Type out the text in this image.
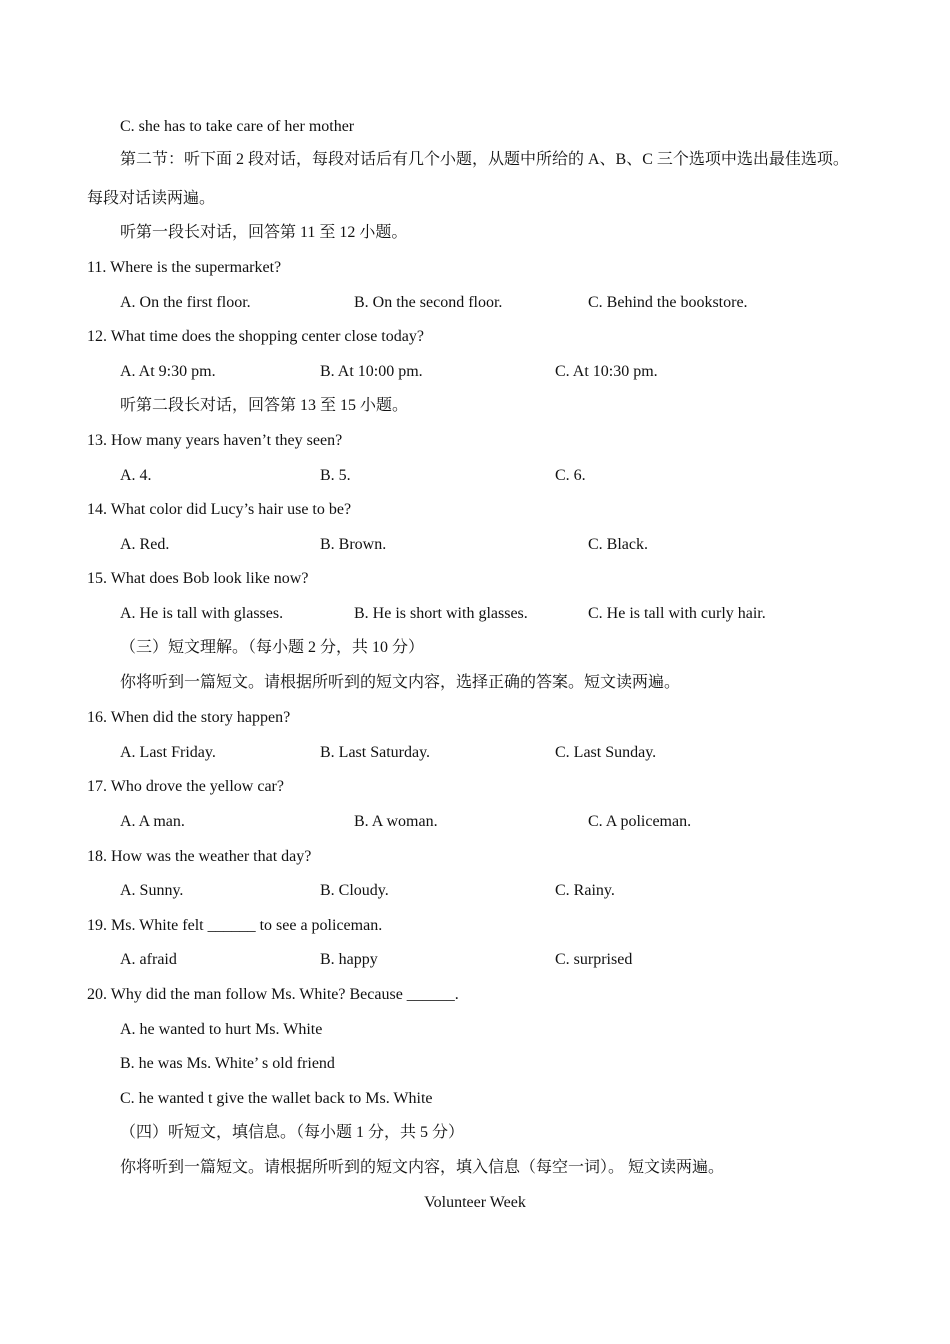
C. she has to take care of her mother
第二节：听下面 2 段对话，每段对话后有几个小题，从题中所给的 A、B、C 三个选项中选出最佳选项。
每段对话读两遍。
听第一段长对话，回答第 11 至 12 小题。
11. Where is the supermarket?
A. On the first floor.	B. On the second floor.	C. Behind the bookstore.
12. What time does the shopping center close today?
A. At 9:30 pm.	B. At 10:00 pm.	C. At 10:30 pm.
听第二段长对话，回答第 13 至 15 小题。
13. How many years haven’t they seen?
A. 4.	B. 5.	C. 6.
14. What color did Lucy’s hair use to be?
A. Red.	B. Brown.	C. Black.
15. What does Bob look like now?
A. He is tall with glasses.	B. He is short with glasses.	C. He is tall with curly hair.
（三）短文理解。（每小题 2 分，共 10 分）
你将听到一篇短文。请根据所听到的短文内容，选择正确的答案。短文读两遍。
16. When did the story happen?
A. Last Friday.	B. Last Saturday.	C. Last Sunday.
17. Who drove the yellow car?
A. A man.	B. A woman.	C. A policeman.
18. How was the weather that day?
A. Sunny.	B. Cloudy.	C. Rainy.
19. Ms. White felt ______ to see a policeman.
A. afraid	B. happy	C. surprised
20. Why did the man follow Ms. White? Because ______.
A. he wanted to hurt Ms. White
B. he was Ms. White’ s old friend
C. he wanted t give the wallet back to Ms. White
（四）听短文，填信息。（每小题 1 分，共 5 分）
你将听到一篇短文。请根据所听到的短文内容，填入信息（每空一词）。 短文读两遍。
Volunteer Week
